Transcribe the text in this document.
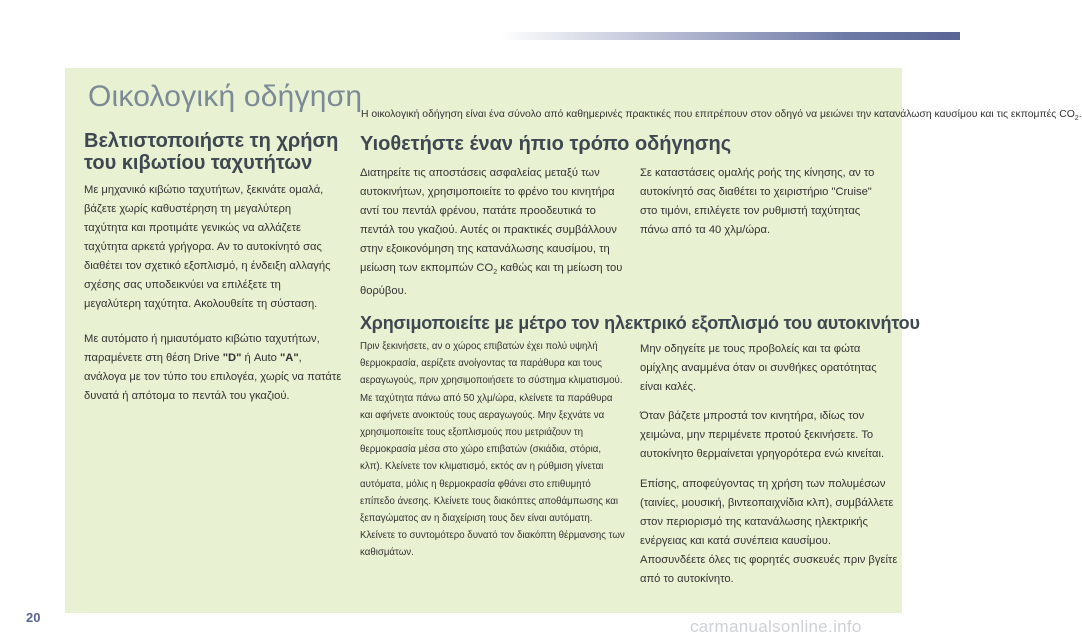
Οικολογική οδήγηση

Η οικολογική οδήγηση είναι ένα σύνολο από καθημερινές πρακτικές που επιτρέπουν στον οδηγό να μειώνει την κατανάλωση καυσίμου και τις εκπομπές $CO_2$.

Βελτιστοποιήστε τη χρήση του κιβωτίου ταχυτήτων

Με μηχανικό κιβώτιο ταχυτήτων, ξεκινάτε ομαλά, βάζετε χωρίς καθυστέρηση τη μεγαλύτερη ταχύτητα και προτιμάτε γενικώς να αλλάζετε ταχύτητα αρκετά γρήγορα. Αν το αυτοκίνητό σας διαθέτει τον σχετικό εξοπλισμό, η ένδειξη αλλαγής σχέσης σας υποδεικνύει να επιλέξετε τη μεγαλύτερη ταχύτητα. Ακολουθείτε τη σύσταση.

Με αυτόματο ή ημιαυτόματο κιβώτιο ταχυτήτων, παραμένετε στη θέση Drive "D" ή Auto "A", ανάλογα με τον τύπο του επιλογέα, χωρίς να πατάτε δυνατά ή απότομα το πεντάλ του γκαζιού.

Υιοθετήστε έναν ήπιο τρόπο οδήγησης

Διατηρείτε τις αποστάσεις ασφαλείας μεταξύ των αυτοκινήτων, χρησιμοποιείτε το φρένο του κινητήρα αντί του πεντάλ φρένου, πατάτε προοδευτικά το πεντάλ του γκαζιού. Αυτές οι πρακτικές συμβάλλουν στην εξοικονόμηση της κατανάλωσης καυσίμου, τη μείωση των εκπομπών $CO_2$ καθώς και τη μείωση του θορύβου.

Σε καταστάσεις ομαλής ροής της κίνησης, αν το αυτοκίνητό σας διαθέτει το χειριστήριο "Cruise" στο τιμόνι, επιλέγετε τον ρυθμιστή ταχύτητας πάνω από τα 40 χλμ/ώρα.

Χρησιμοποιείτε με μέτρο τον ηλεκτρικό εξοπλισμό του αυτοκινήτου

Πριν ξεκινήσετε, αν ο χώρος επιβατών έχει πολύ υψηλή θερμοκρασία, αερίζετε ανοίγοντας τα παράθυρα και τους αεραγωγούς, πριν χρησιμοποιήσετε το σύστημα κλιματισμού. Με ταχύτητα πάνω από 50 χλμ/ώρα, κλείνετε τα παράθυρα και αφήνετε ανοικτούς τους αεραγωγούς. Μην ξεχνάτε να χρησιμοποιείτε τους εξοπλισμούς που μετριάζουν τη θερμοκρασία μέσα στο χώρο επιβατών (σκιάδια, στόρια, κλπ). Κλείνετε τον κλιματισμό, εκτός αν η ρύθμιση γίνεται αυτόματα, μόλις η θερμοκρασία φθάνει στο επιθυμητό επίπεδο άνεσης. Κλείνετε τους διακόπτες αποθάμπωσης και ξεπαγώματος αν η διαχείριση τους δεν είναι αυτόματη. Κλείνετε το συντομότερο δυνατό τον διακόπτη θέρμανσης των καθισμάτων.

Μην οδηγείτε με τους προβολείς και τα φώτα ομίχλης αναμμένα όταν οι συνθήκες ορατότητας είναι καλές.

Όταν βάζετε μπροστά τον κινητήρα, ιδίως τον χειμώνα, μην περιμένετε προτού ξεκινήσετε. Το αυτοκίνητο θερμαίνεται γρηγορότερα ενώ κινείται.

Επίσης, αποφεύγοντας τη χρήση των πολυμέσων (ταινίες, μουσική, βιντεοπαιχνίδια κλπ), συμβάλλετε στον περιορισμό της κατανάλωσης ηλεκτρικής ενέργειας και κατά συνέπεια καυσίμου. Αποσυνδέετε όλες τις φορητές συσκευές πριν βγείτε από το αυτοκίνητο.

20	carmanualsonline.info
